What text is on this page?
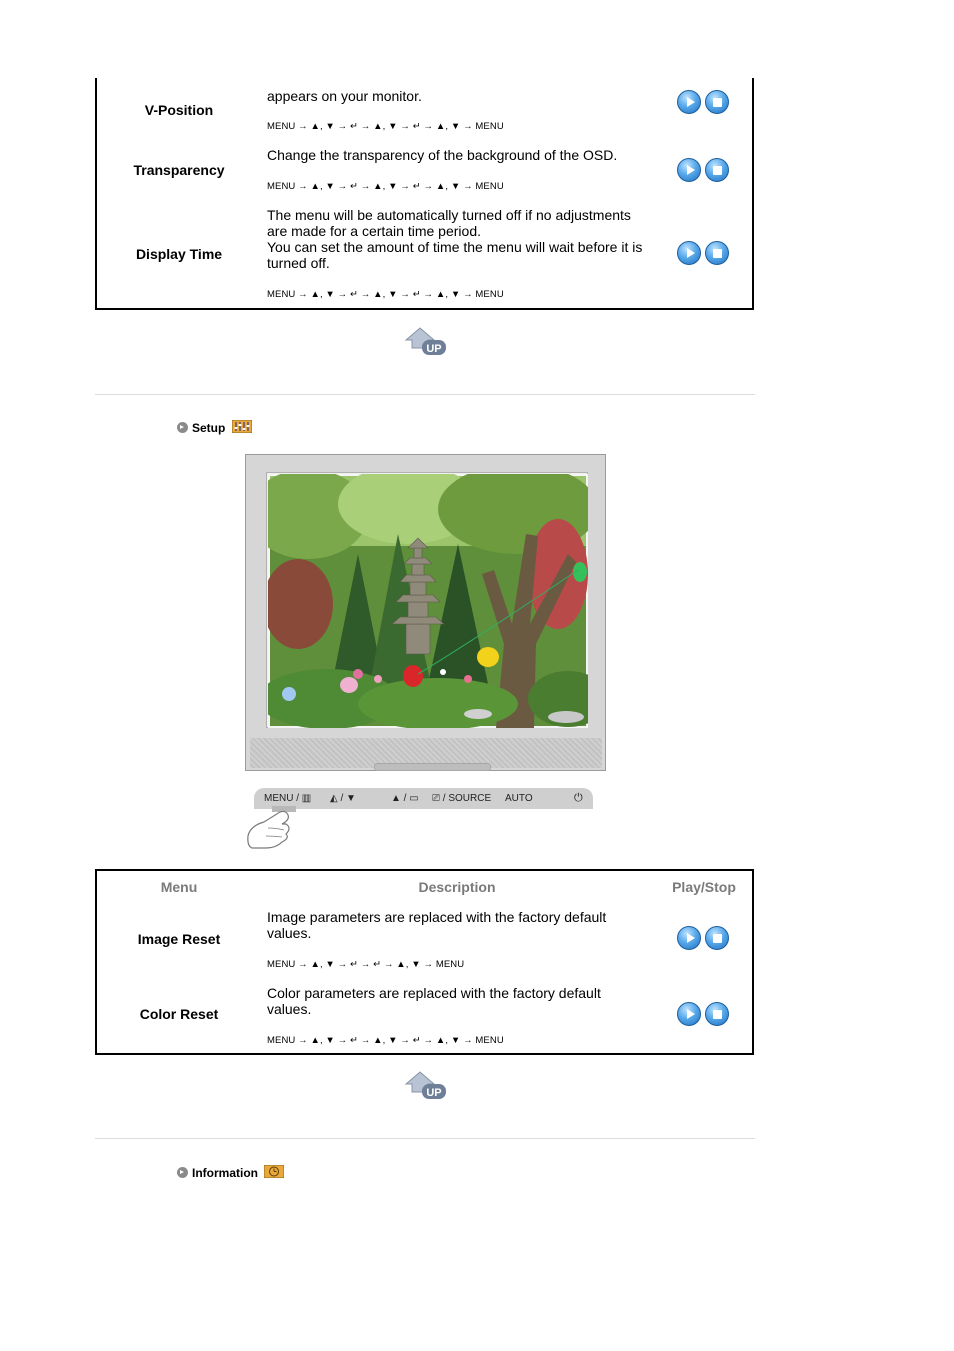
V-Position
appears on your monitor.
MENU → ▲, ▼ → ↵ → ▲, ▼ → ↵ → ▲, ▼ → MENU
Transparency
Change the transparency of the background of the OSD.
MENU → ▲, ▼ → ↵ → ▲, ▼ → ↵ → ▲, ▼ → MENU
Display Time
The menu will be automatically turned off if no adjustments are made for a certain time period.
You can set the amount of time the menu will wait before it is turned off.
MENU → ▲, ▼ → ↵ → ▲, ▼ → ↵ → ▲, ▼ → MENU
UP
Setup
MENU / ▥ ◭ / ▼	▲ / ▭ ⎚ / SOURCE AUTO	⏻
Menu	Description	Play/Stop
Image Reset
Image parameters are replaced with the factory default values.
MENU → ▲, ▼ → ↵ → ↵ → ▲, ▼ → MENU
Color Reset
Color parameters are replaced with the factory default values.
MENU → ▲, ▼ → ↵ → ▲, ▼ → ↵ → ▲, ▼ → MENU
UP
Information
